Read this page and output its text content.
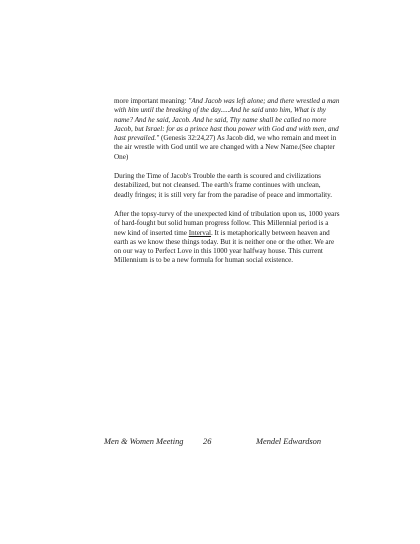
more important meaning: "And Jacob was left alone; and there wrestled a man with him until the breaking of the day.....And he said unto him, What is thy name? And he said, Jacob. And he said, Thy name shall be called no more Jacob, but Israel: for as a prince hast thou power with God and with men, and hast prevailed." (Genesis 32:24,27) As Jacob did, we who remain and meet in the air wrestle with God until we are changed with a New Name.(See chapter One)

During the Time of Jacob's Trouble the earth is scoured and civilizations destabilized, but not cleansed. The earth's frame continues with unclean, deadly fringes; it is still very far from the paradise of peace and immortality.

After the topsy-turvy of the unexpected kind of tribulation upon us, 1000 years of hard-fought but solid human progress follow. This Millennial period is a new kind of inserted time Interval. It is metaphorically between heaven and earth as we know these things today. But it is neither one or the other. We are on our way to Perfect Love in this 1000 year halfway house. This current Millennium is to be a new formula for human social existence.

Men & Women Meeting 26	Mendel Edwardson
